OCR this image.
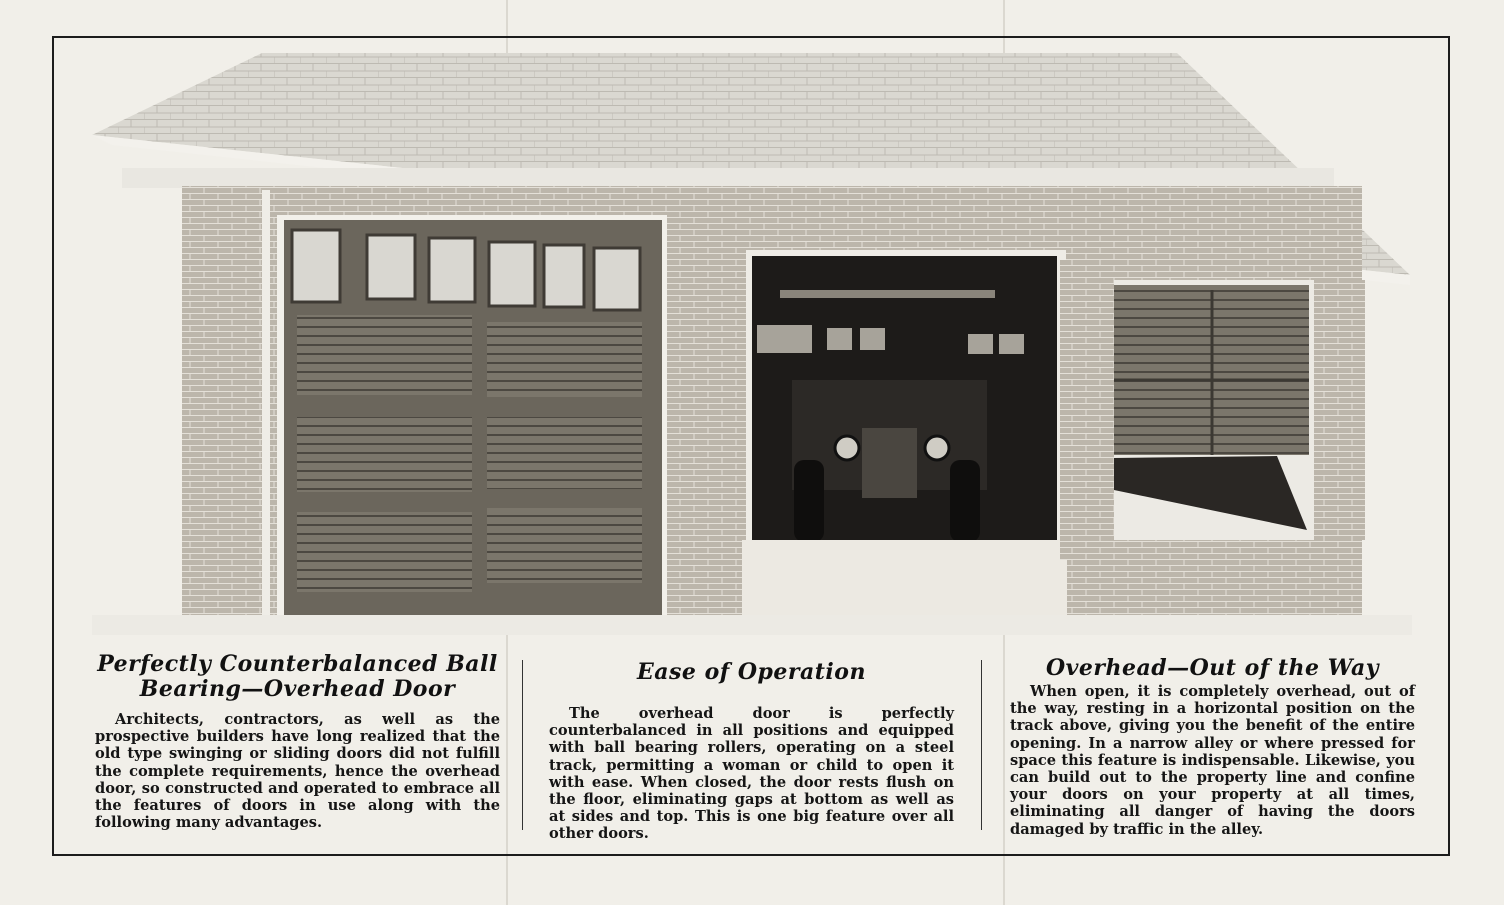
Perfectly Counterbalanced Ball Bearing—Overhead Door

Architects, contractors, as well as the prospective builders have long realized that the old type swinging or sliding doors did not fulfill the complete requirements, hence the overhead door, so constructed and operated to embrace all the features of doors in use along with the following many advantages.

Ease of Operation

The overhead door is perfectly counterbalanced in all positions and equipped with ball bearing rollers, operating on a steel track, permitting a woman or child to open it with ease. When closed, the door rests flush on the floor, eliminating gaps at bottom as well as at sides and top. This is one big feature over all other doors.

Overhead—Out of the Way

When open, it is completely overhead, out of the way, resting in a horizontal position on the track above, giving you the benefit of the entire opening. In a narrow alley or where pressed for space this feature is indispensable. Likewise, you can build out to the property line and confine your doors on your property at all times, eliminating all danger of having the doors damaged by traffic in the alley.
